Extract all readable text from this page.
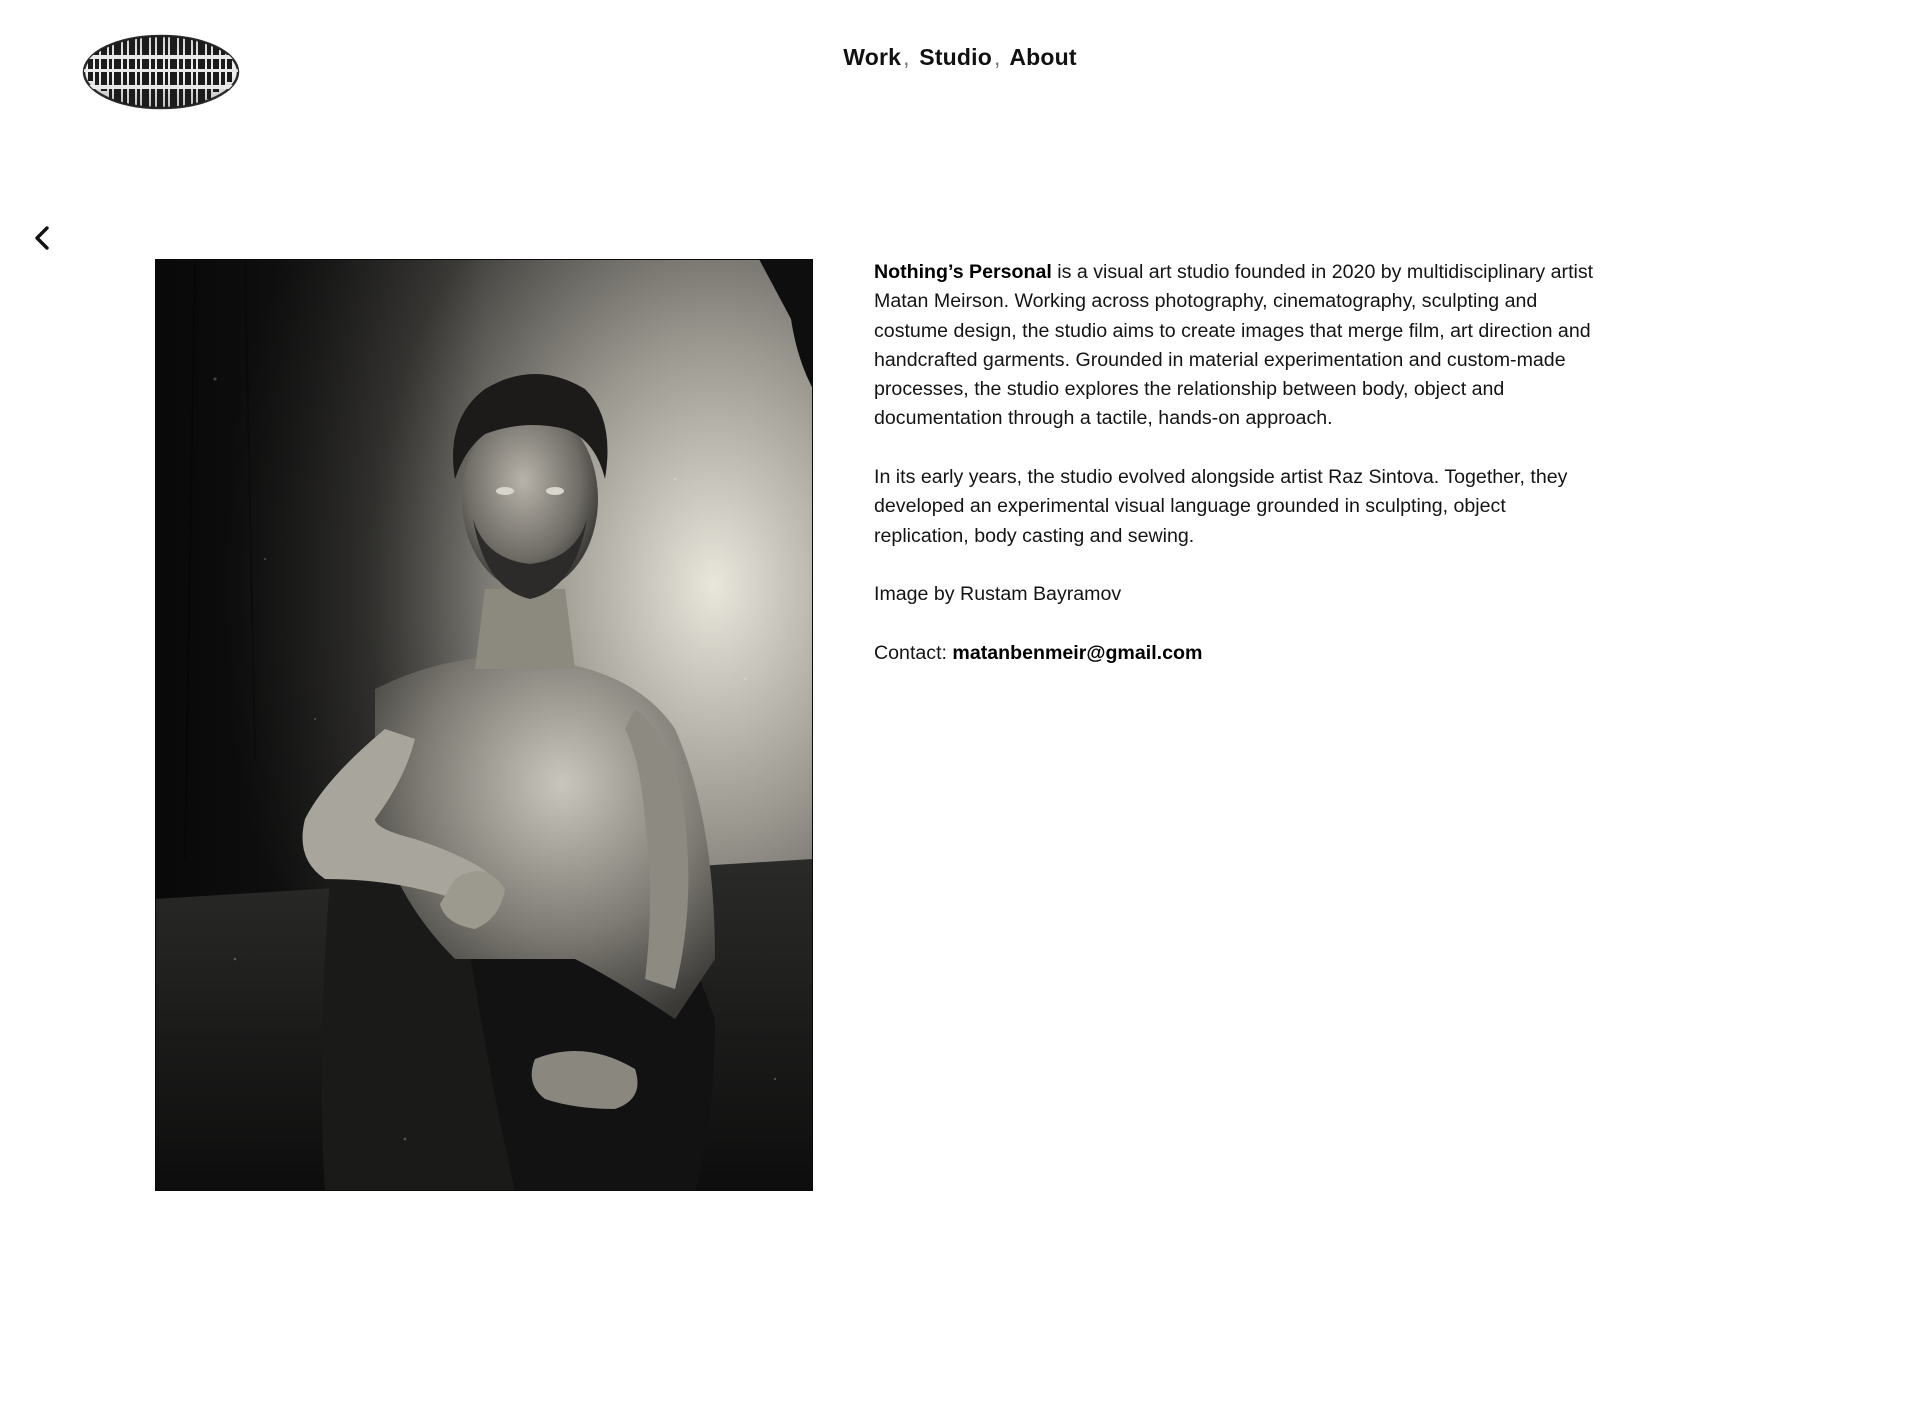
Work, Studio, About

Nothing’s Personal is a visual art studio founded in 2020 by multidisciplinary artist Matan Meirson. Working across photography, cinematography, sculpting and costume design, the studio aims to create images that merge film, art direction and handcrafted garments. Grounded in material experimentation and custom-made processes, the studio explores the relationship between body, object and documentation through a tactile, hands-on approach.

In its early years, the studio evolved alongside artist Raz Sintova. Together, they developed an experimental visual language grounded in sculpting, object replication, body casting and sewing.

Image by Rustam Bayramov

Contact: matanbenmeir@gmail.com
